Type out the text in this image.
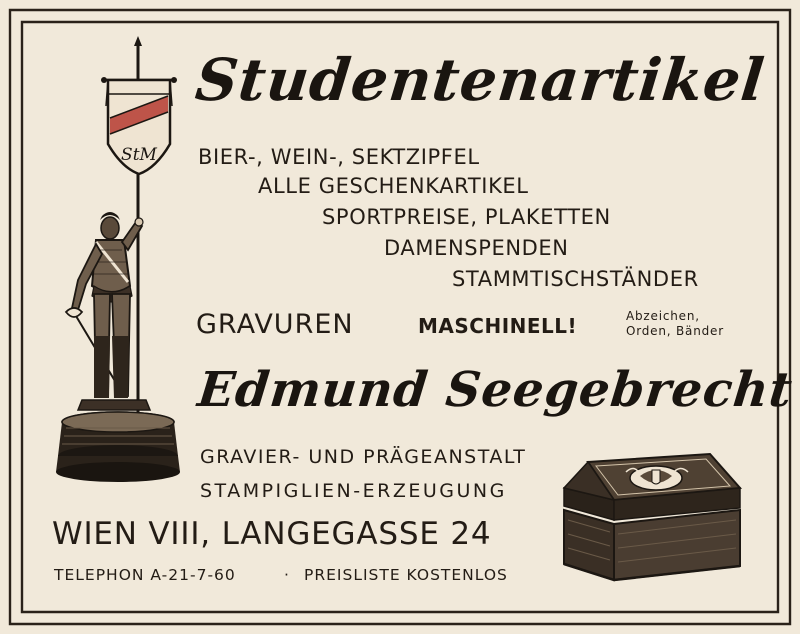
StM
Studentenartikel

BIER-, WEIN-, SEKTZIPFEL

ALLE GESCHENKARTIKEL

SPORTPREISE, PLAKETTEN

DAMENSPENDEN

STAMMTISCHSTÄNDER

GRAVUREN	MASCHINELL!	Abzeichen,
Orden, Bänder

Edmund Seegebrecht

GRAVIER- UND PRÄGEANSTALT

STAMPIGLIEN-ERZEUGUNG

WIEN VIII, LANGEGASSE 24

TELEPHON A-21-7-60	· PREISLISTE KOSTENLOS
